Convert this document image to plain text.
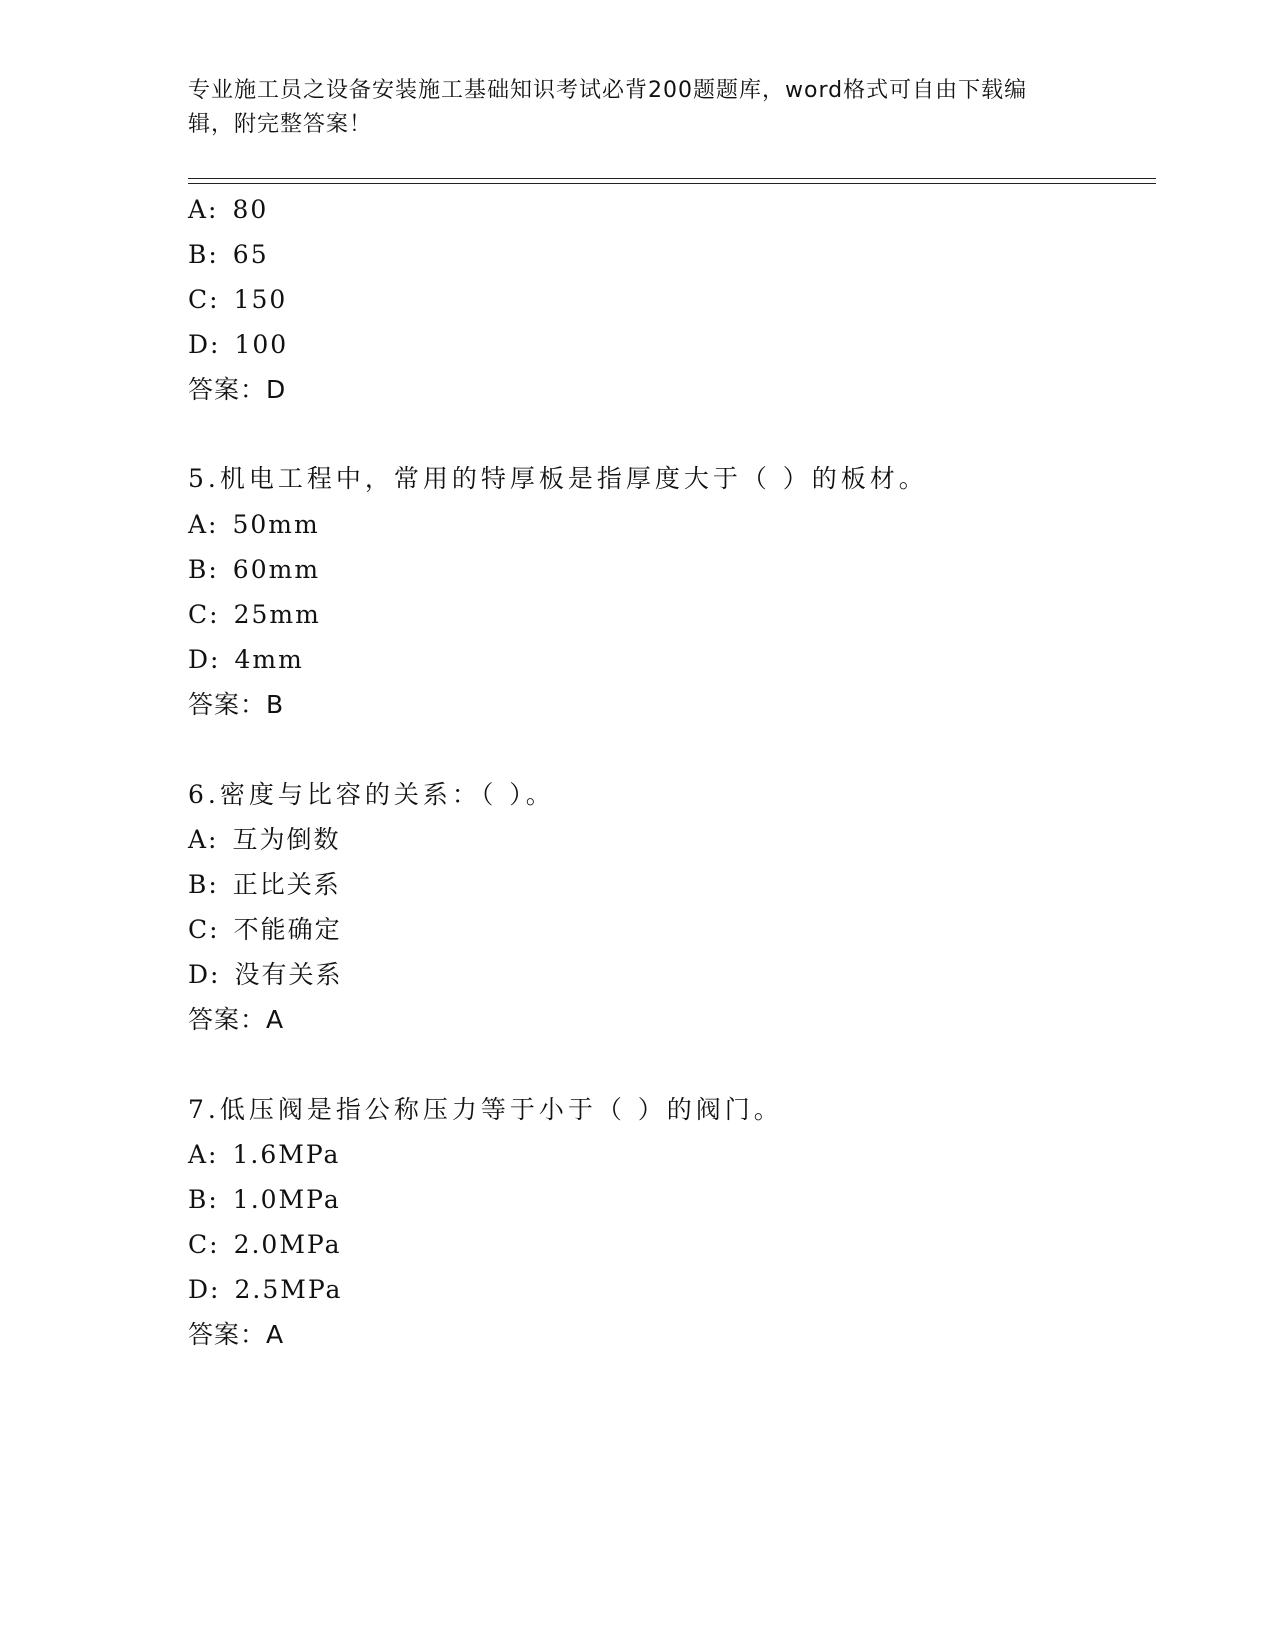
专业施工员之设备安装施工基础知识考试必背200题题库，word格式可自由下载编辑，附完整答案！
A: 80
B: 65
C: 150
D: 100
答案：D
5.机电工程中，常用的特厚板是指厚度大于（ ）的板材。
A: 50mm
B: 60mm
C: 25mm
D: 4mm
答案：B
6.密度与比容的关系：（ ）。
A: 互为倒数
B: 正比关系
C: 不能确定
D: 没有关系
答案：A
7.低压阀是指公称压力等于小于（ ）的阀门。
A: 1.6MPa
B: 1.0MPa
C: 2.0MPa
D: 2.5MPa
答案：A
